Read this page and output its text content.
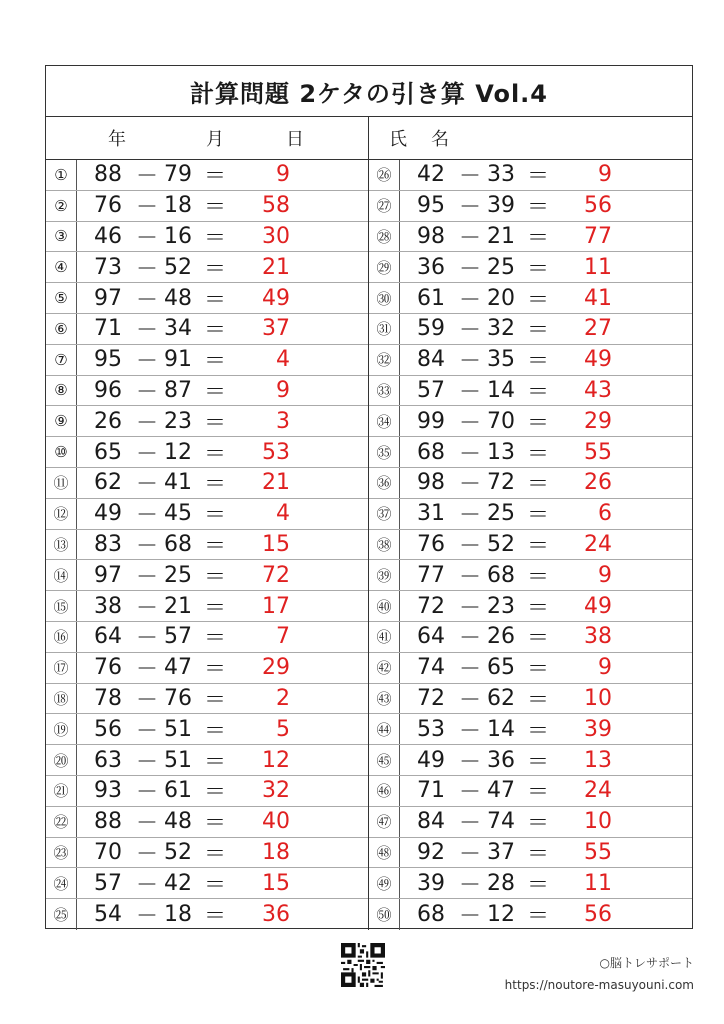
計算問題 2ケタの引き算 Vol.4
年	月	日	氏 名
①	88 － 79 ＝	9
②	76 － 18 ＝	58
③	46 － 16 ＝	30
④	73 － 52 ＝	21
⑤	97 － 48 ＝	49
⑥	71 － 34 ＝	37
⑦	95 － 91 ＝	4
⑧	96 － 87 ＝	9
⑨	26 － 23 ＝	3
⑩	65 － 12 ＝	53
⑪	62 － 41 ＝	21
⑫	49 － 45 ＝	4
⑬	83 － 68 ＝	15
⑭	97 － 25 ＝	72
⑮	38 － 21 ＝	17
⑯	64 － 57 ＝	7
⑰	76 － 47 ＝	29
⑱	78 － 76 ＝	2
⑲	56 － 51 ＝	5
⑳	63 － 51 ＝	12
㉑	93 － 61 ＝	32
㉒	88 － 48 ＝	40
㉓	70 － 52 ＝	18
㉔	57 － 42 ＝	15
㉕	54 － 18 ＝	36
㉖	42 － 33 ＝	9
㉗	95 － 39 ＝	56
㉘	98 － 21 ＝	77
㉙	36 － 25 ＝	11
㉚	61 － 20 ＝	41
㉛	59 － 32 ＝	27
㉜	84 － 35 ＝	49
㉝	57 － 14 ＝	43
㉞	99 － 70 ＝	29
㉟	68 － 13 ＝	55
㊱	98 － 72 ＝	26
㊲	31 － 25 ＝	6
㊳	76 － 52 ＝	24
㊴	77 － 68 ＝	9
㊵	72 － 23 ＝	49
㊶	64 － 26 ＝	38
㊷	74 － 65 ＝	9
㊸	72 － 62 ＝	10
㊹	53 － 14 ＝	39
㊺	49 － 36 ＝	13
㊻	71 － 47 ＝	24
㊼	84 － 74 ＝	10
㊽	92 － 37 ＝	55
㊾	39 － 28 ＝	11
㊿	68 － 12 ＝	56
○脳トレサポート
https://noutore-masuyouni.com
